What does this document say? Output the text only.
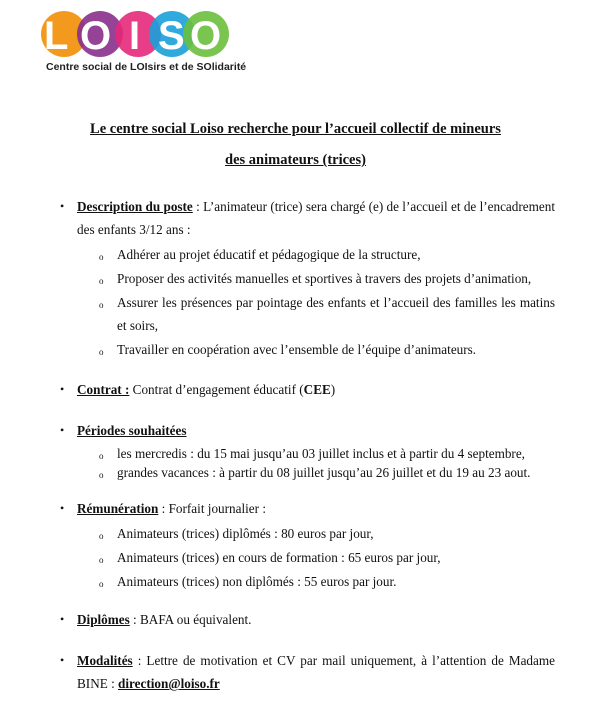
L O I S O
Centre social de LOIsirs et de SOlidarité
Le centre social Loiso recherche pour l’accueil collectif de mineurs
des animateurs (trices)
• Description du poste : L’animateur (trice) sera chargé (e) de l’accueil et de l’encadrement des enfants 3/12 ans :
o Adhérer au projet éducatif et pédagogique de la structure,
o Proposer des activités manuelles et sportives à travers des projets d’animation,
o Assurer les présences par pointage des enfants et l’accueil des familles les matins et soirs,
o Travailler en coopération avec l’ensemble de l’équipe d’animateurs.
• Contrat : Contrat d’engagement éducatif (CEE)
• Périodes souhaitées
o les mercredis : du 15 mai jusqu’au 03 juillet inclus et à partir du 4 septembre,
o grandes vacances : à partir du 08 juillet jusqu’au 26 juillet et du 19 au 23 aout.
• Rémunération : Forfait journalier :
o Animateurs (trices) diplômés : 80 euros par jour,
o Animateurs (trices) en cours de formation : 65 euros par jour,
o Animateurs (trices) non diplômés : 55 euros par jour.
• Diplômes : BAFA ou équivalent.
• Modalités : Lettre de motivation et CV par mail uniquement, à l’attention de Madame BINE : direction@loiso.fr
